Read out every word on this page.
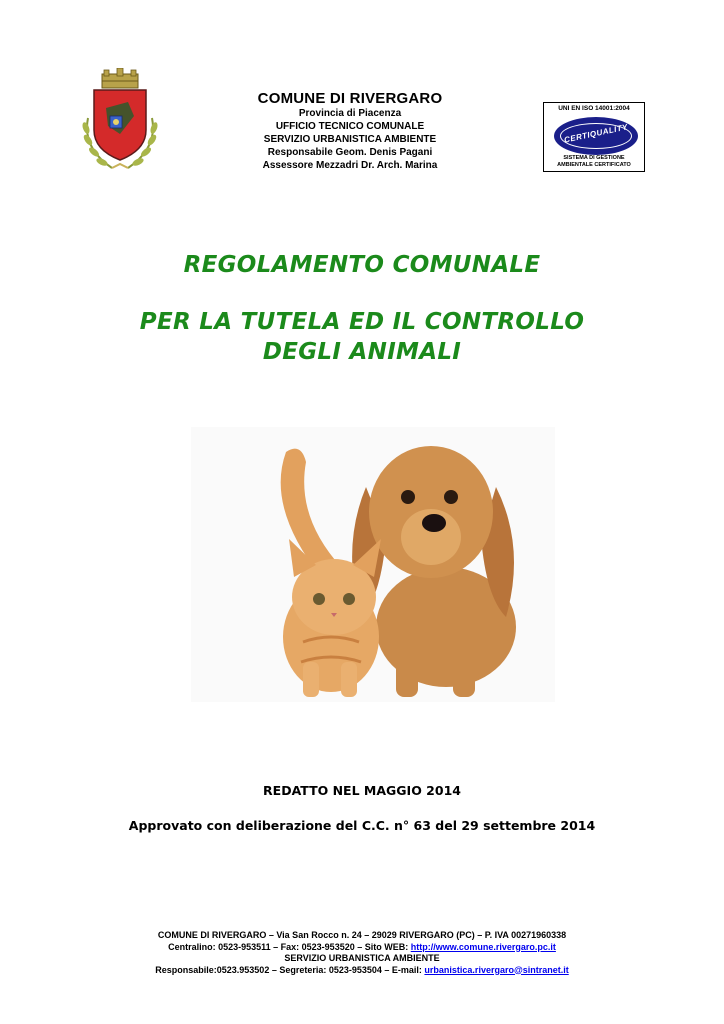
COMUNE DI RIVERGARO
Provincia di Piacenza
UFFICIO TECNICO COMUNALE
SERVIZIO URBANISTICA AMBIENTE
Responsabile Geom. Denis Pagani
Assessore Mezzadri Dr. Arch. Marina
UNI EN ISO 14001:2004
CERTIQUALITY
SISTEMA DI GESTIONE
AMBIENTALE CERTIFICATO
REGOLAMENTO COMUNALE
PER LA TUTELA ED IL CONTROLLO
DEGLI ANIMALI
REDATTO NEL MAGGIO 2014
Approvato con deliberazione del C.C. n° 63 del 29 settembre 2014
COMUNE DI RIVERGARO – Via San Rocco n. 24 – 29029 RIVERGARO (PC) – P. IVA 00271960338
Centralino: 0523-953511 – Fax: 0523-953520 – Sito WEB: http://www.comune.rivergaro.pc.it
SERVIZIO URBANISTICA AMBIENTE
Responsabile:0523.953502 – Segreteria: 0523-953504 – E-mail: urbanistica.rivergaro@sintranet.it
